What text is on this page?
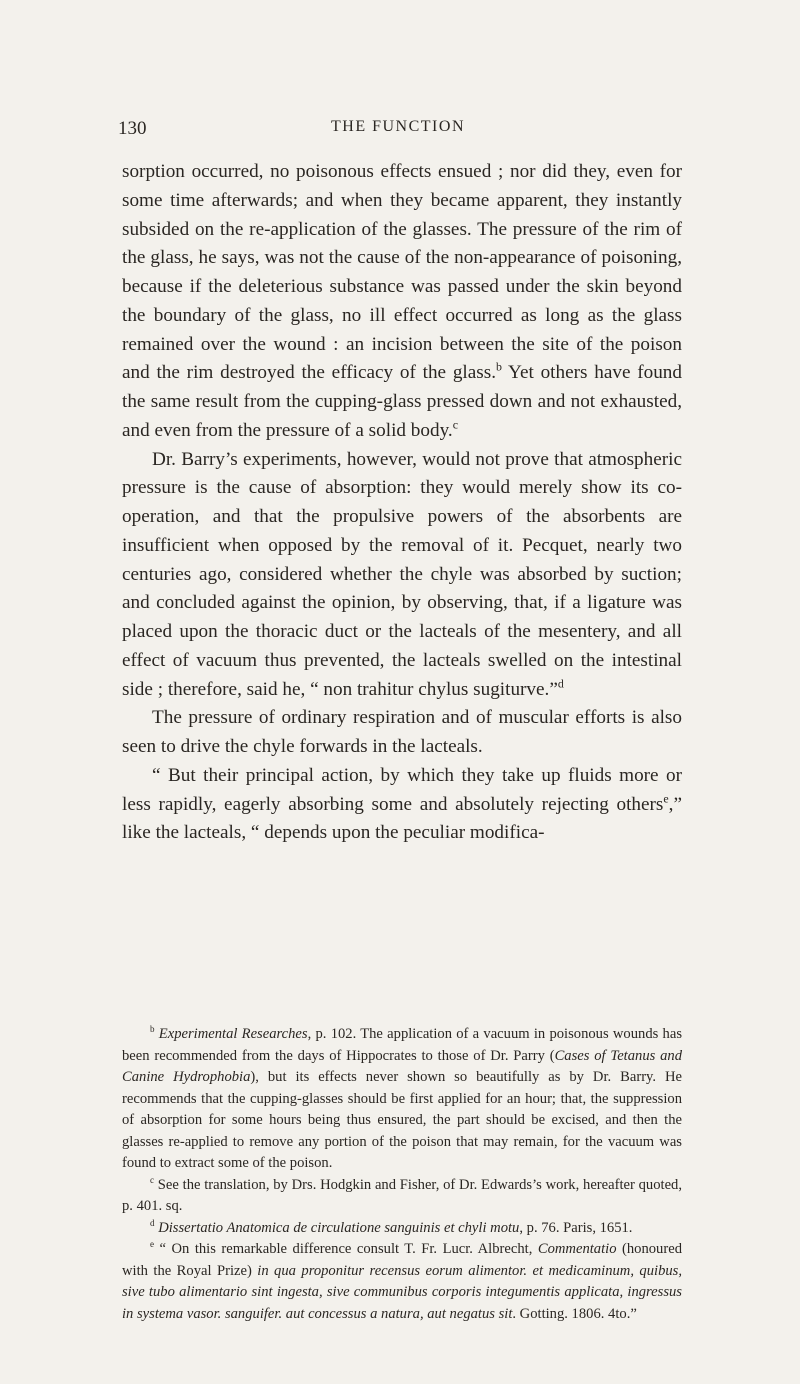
130	THE FUNCTION

sorption occurred, no poisonous effects ensued ; nor did they, even for some time afterwards; and when they became apparent, they instantly subsided on the re-application of the glasses. The pressure of the rim of the glass, he says, was not the cause of the non-appearance of poisoning, because if the deleterious substance was passed under the skin beyond the boundary of the glass, no ill effect occurred as long as the glass remained over the wound : an incision between the site of the poison and the rim destroyed the efficacy of the glass.$^b$ Yet others have found the same result from the cupping-glass pressed down and not exhausted, and even from the pressure of a solid body.$^c$

Dr. Barry’s experiments, however, would not prove that atmospheric pressure is the cause of absorption: they would merely show its co-operation, and that the propulsive powers of the absorbents are insufficient when opposed by the removal of it. Pecquet, nearly two centuries ago, considered whether the chyle was absorbed by suction; and concluded against the opinion, by observing, that, if a ligature was placed upon the thoracic duct or the lacteals of the mesentery, and all effect of vacuum thus prevented, the lacteals swelled on the intestinal side ; therefore, said he, “ non trahitur chylus sugiturve.”$^d$

The pressure of ordinary respiration and of muscular efforts is also seen to drive the chyle forwards in the lacteals.

“ But their principal action, by which they take up fluids more or less rapidly, eagerly absorbing some and absolutely rejecting others$^e$,” like the lacteals, “ depends upon the peculiar modifica-

$^b$ Experimental Researches, p. 102. The application of a vacuum in poisonous wounds has been recommended from the days of Hippocrates to those of Dr. Parry (Cases of Tetanus and Canine Hydrophobia), but its effects never shown so beautifully as by Dr. Barry. He recommends that the cupping-glasses should be first applied for an hour; that, the suppression of absorption for some hours being thus ensured, the part should be excised, and then the glasses re-applied to remove any portion of the poison that may remain, for the vacuum was found to extract some of the poison.

$^c$ See the translation, by Drs. Hodgkin and Fisher, of Dr. Edwards’s work, hereafter quoted, p. 401. sq.

$^d$ Dissertatio Anatomica de circulatione sanguinis et chyli motu, p. 76. Paris, 1651.

$^e$ “ On this remarkable difference consult T. Fr. Lucr. Albrecht, Commentatio (honoured with the Royal Prize) in qua proponitur recensus eorum alimentor. et medicaminum, quibus, sive tubo alimentario sint ingesta, sive communibus corporis integumentis applicata, ingressus in systema vasor. sanguifer. aut concessus a natura, aut negatus sit. Gotting. 1806. 4to.”
